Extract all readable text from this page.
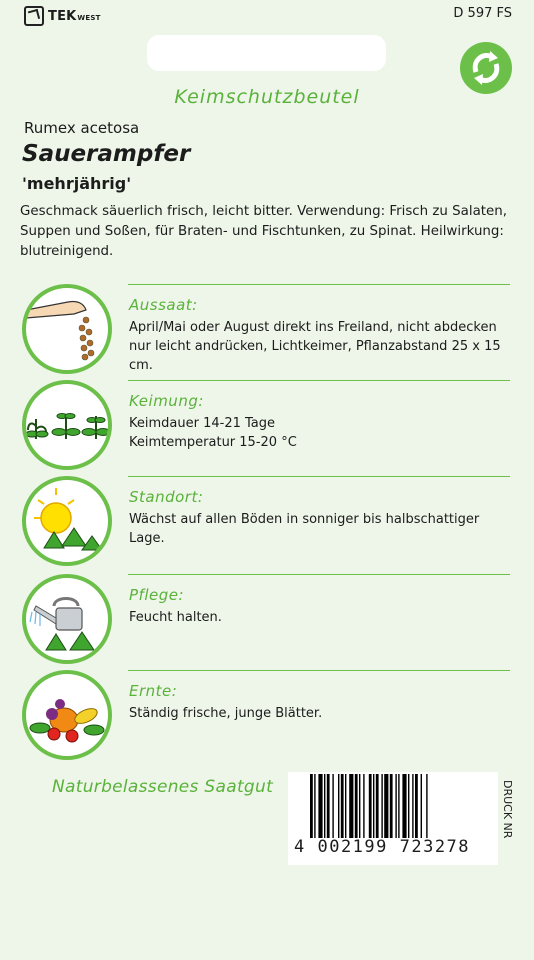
TEKWEST	D 597 FS
Keimschutzbeutel
Rumex acetosa
Sauerampfer
'mehrjährig'
Geschmack säuerlich frisch, leicht bitter. Verwendung: Frisch zu Salaten, Suppen und Soßen, für Braten- und Fischtunken, zu Spinat. Heilwirkung: blutreinigend.
Aussaat:
April/Mai oder August direkt ins Freiland, nicht abdecken nur leicht andrücken, Lichtkeimer, Pflanzabstand 25 x 15 cm.
Keimung:
Keimdauer 14-21 Tage
Keimtemperatur 15-20 °C
Standort:
Wächst auf allen Böden in sonniger bis halbschattiger Lage.
Pflege:
Feucht halten.
Ernte:
Ständig frische, junge Blätter.
Naturbelassenes Saatgut
4 002199 723278
DRUCK NR
